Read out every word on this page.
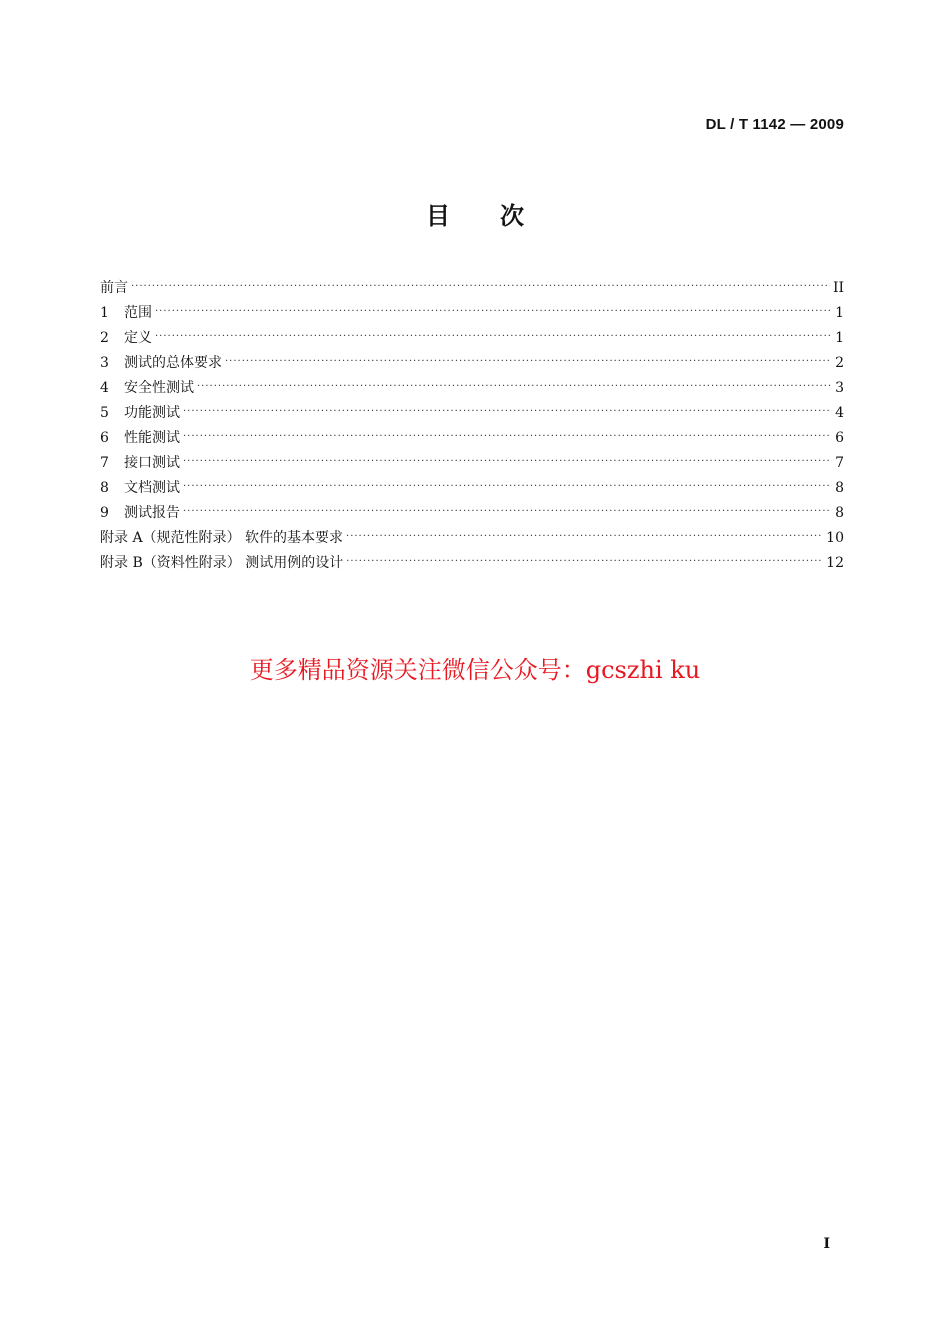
DL / T 1142 — 2009
目 次
前言 ·····	II
1	范围 ·····	1
2	定义 ·····	1
3	测试的总体要求 ·····	2
4	安全性测试 ·····	3
5	功能测试 ·····	4
6	性能测试 ·····	6
7	接口测试 ·····	7
8	文档测试 ·····	8
9	测试报告 ·····	8
附录 A（规范性附录） 软件的基本要求 ·····	10
附录 B（资料性附录） 测试用例的设计 ·····	12
更多精品资源关注微信公众号：gcszhi ku
I
